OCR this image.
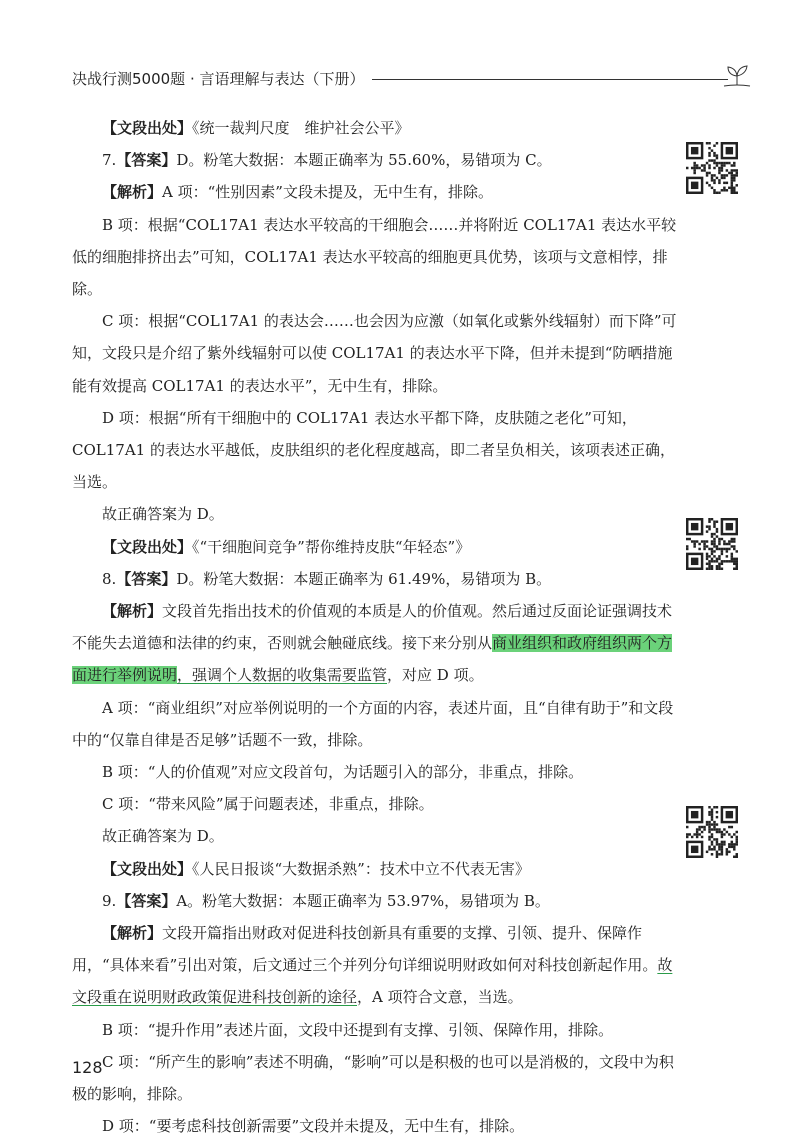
决战行测5000题 · 言语理解与表达（下册）

【文段出处】《统一裁判尺度　维护社会公平》

7.【答案】D。粉笔大数据：本题正确率为 55.60%，易错项为 C。

【解析】A 项：“性别因素”文段未提及，无中生有，排除。

B 项：根据“COL17A1 表达水平较高的干细胞会……并将附近 COL17A1 表达水平较低的细胞排挤出去”可知，COL17A1 表达水平较高的细胞更具优势，该项与文意相悖，排除。

C 项：根据“COL17A1 的表达会……也会因为应激（如氧化或紫外线辐射）而下降”可知，文段只是介绍了紫外线辐射可以使 COL17A1 的表达水平下降，但并未提到“防晒措施能有效提高 COL17A1 的表达水平”，无中生有，排除。

D 项：根据“所有干细胞中的 COL17A1 表达水平都下降，皮肤随之老化”可知，COL17A1 的表达水平越低，皮肤组织的老化程度越高，即二者呈负相关，该项表述正确，当选。

故正确答案为 D。

【文段出处】《“干细胞间竞争”帮你维持皮肤“年轻态”》

8.【答案】D。粉笔大数据：本题正确率为 61.49%，易错项为 B。

【解析】文段首先指出技术的价值观的本质是人的价值观。然后通过反面论证强调技术不能失去道德和法律的约束，否则就会触碰底线。接下来分别从商业组织和政府组织两个方面进行举例说明，强调个人数据的收集需要监管，对应 D 项。

A 项：“商业组织”对应举例说明的一个方面的内容，表述片面，且“自律有助于”和文段中的“仅靠自律是否足够”话题不一致，排除。

B 项：“人的价值观”对应文段首句，为话题引入的部分，非重点，排除。

C 项：“带来风险”属于问题表述，非重点，排除。

故正确答案为 D。

【文段出处】《人民日报谈“大数据杀熟”：技术中立不代表无害》

9.【答案】A。粉笔大数据：本题正确率为 53.97%，易错项为 B。

【解析】文段开篇指出财政对促进科技创新具有重要的支撑、引领、提升、保障作用，“具体来看”引出对策，后文通过三个并列分句详细说明财政如何对科技创新起作用。故文段重在说明财政政策促进科技创新的途径，A 项符合文意，当选。

B 项：“提升作用”表述片面，文段中还提到有支撑、引领、保障作用，排除。

C 项：“所产生的影响”表述不明确，“影响”可以是积极的也可以是消极的，文段中为积极的影响，排除。

D 项：“要考虑科技创新需要”文段并未提及，无中生有，排除。

128
